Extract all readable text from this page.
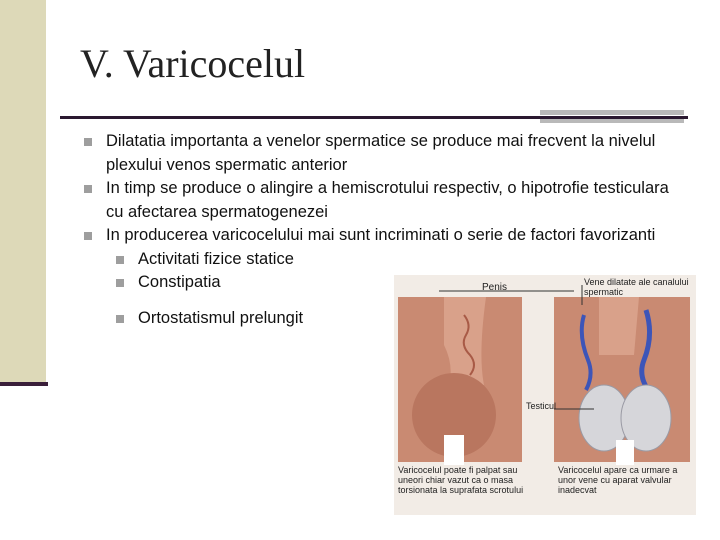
V. Varicocelul
Dilatatia importanta a venelor spermatice se produce mai frecvent la nivelul plexului venos spermatic anterior
In timp se produce o alingire a hemiscrotului respectiv, o hipotrofie testiculara cu afectarea spermatogenezei
In producerea varicocelului mai sunt incriminati o serie de factori favorizanti
Activitati fizice statice
Constipatia
Ortostatismul prelungit
Penis	Vene dilatate ale canalului spermatic
Testicul
Varicocelul poate fi palpat sau uneori chiar vazut ca o masa torsionata la suprafata scrotului
Varicocelul apare ca urmare a unor vene cu aparat valvular inadecvat
